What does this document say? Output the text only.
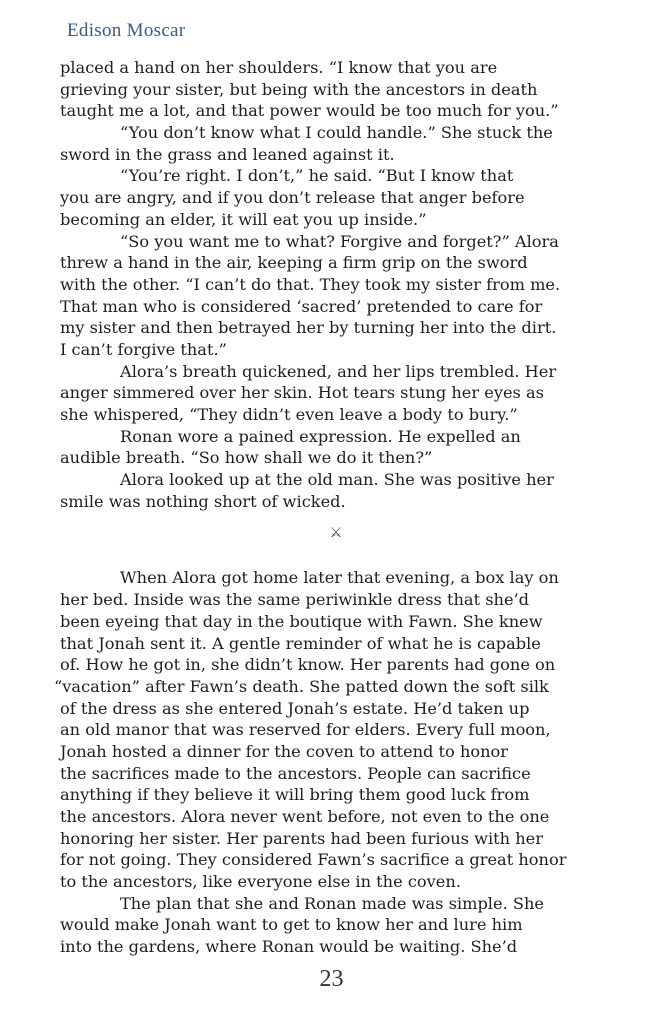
Edison Moscar
placed a hand on her shoulders. “I know that you are
grieving your sister, but being with the ancestors in death
taught me a lot, and that power would be too much for you.”
“You don’t know what I could handle.” She stuck the
sword in the grass and leaned against it.
“You’re right. I don’t,” he said. “But I know that
you are angry, and if you don’t release that anger before
becoming an elder, it will eat you up inside.”
“So you want me to what? Forgive and forget?” Alora
threw a hand in the air, keeping a firm grip on the sword
with the other. “I can’t do that. They took my sister from me.
That man who is considered ‘sacred’ pretended to care for
my sister and then betrayed her by turning her into the dirt.
I can’t forgive that.”
Alora’s breath quickened, and her lips trembled. Her
anger simmered over her skin. Hot tears stung her eyes as
she whispered, “They didn’t even leave a body to bury.”
Ronan wore a pained expression. He expelled an
audible breath. “So how shall we do it then?”
Alora looked up at the old man. She was positive her
smile was nothing short of wicked.
⚔
When Alora got home later that evening, a box lay on
her bed. Inside was the same periwinkle dress that she’d
been eyeing that day in the boutique with Fawn. She knew
that Jonah sent it. A gentle reminder of what he is capable
of. How he got in, she didn’t know. Her parents had gone on
“vacation” after Fawn’s death. She patted down the soft silk
of the dress as she entered Jonah’s estate. He’d taken up
an old manor that was reserved for elders. Every full moon,
Jonah hosted a dinner for the coven to attend to honor
the sacrifices made to the ancestors. People can sacrifice
anything if they believe it will bring them good luck from
the ancestors. Alora never went before, not even to the one
honoring her sister. Her parents had been furious with her
for not going. They considered Fawn’s sacrifice a great honor
to the ancestors, like everyone else in the coven.
The plan that she and Ronan made was simple. She
would make Jonah want to get to know her and lure him
into the gardens, where Ronan would be waiting. She’d
23
